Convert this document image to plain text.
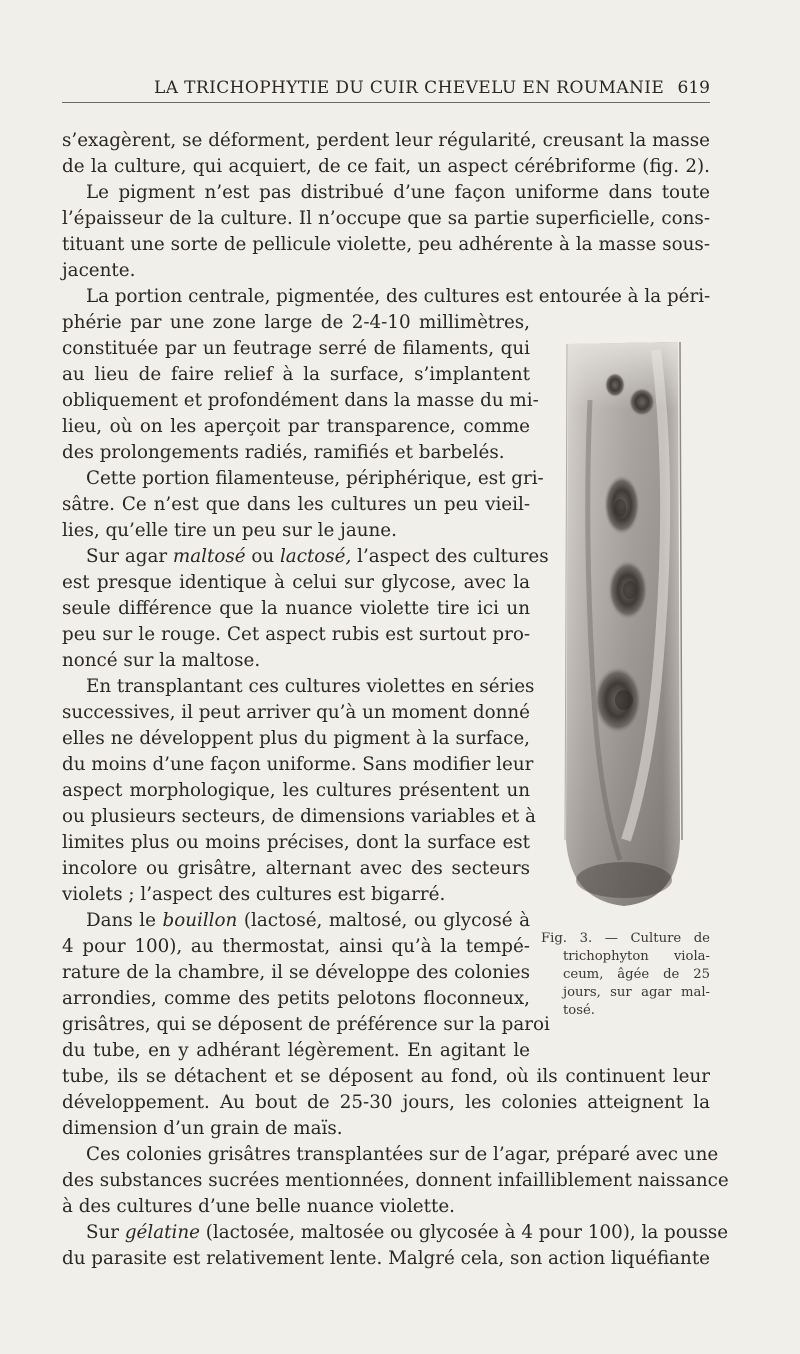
LA TRICHOPHYTIE DU CUIR CHEVELU EN ROUMANIE 619
s’exagèrent, se déforment, perdent leur régularité, creusant la masse
de la culture, qui acquiert, de ce fait, un aspect cérébriforme (fig. 2).
Le pigment n’est pas distribué d’une façon uniforme dans toute
l’épaisseur de la culture. Il n’occupe que sa partie superficielle, cons-
tituant une sorte de pellicule violette, peu adhérente à la masse sous-
jacente.
La portion centrale, pigmentée, des cultures est entourée à la péri-
phérie par une zone large de 2-4-10 millimètres,
constituée par un feutrage serré de filaments, qui
au lieu de faire relief à la surface, s’implantent
obliquement et profondément dans la masse du mi-
lieu, où on les aperçoit par transparence, comme
des prolongements radiés, ramifiés et barbelés.
Cette portion filamenteuse, périphérique, est gri-
sâtre. Ce n’est que dans les cultures un peu vieil-
lies, qu’elle tire un peu sur le jaune.
Sur agar maltosé ou lactosé, l’aspect des cultures
est presque identique à celui sur glycose, avec la
seule différence que la nuance violette tire ici un
peu sur le rouge. Cet aspect rubis est surtout pro-
noncé sur la maltose.
En transplantant ces cultures violettes en séries
successives, il peut arriver qu’à un moment donné
elles ne développent plus du pigment à la surface,
du moins d’une façon uniforme. Sans modifier leur
aspect morphologique, les cultures présentent un
ou plusieurs secteurs, de dimensions variables et à
limites plus ou moins précises, dont la surface est
incolore ou grisâtre, alternant avec des secteurs
violets ; l’aspect des cultures est bigarré.
Dans le bouillon (lactosé, maltosé, ou glycosé à
4 pour 100), au thermostat, ainsi qu’à la tempé-
rature de la chambre, il se développe des colonies
arrondies, comme des petits pelotons floconneux,
grisâtres, qui se déposent de préférence sur la paroi
du tube, en y adhérant légèrement. En agitant le
tube, ils se détachent et se déposent au fond, où ils continuent leur
développement. Au bout de 25-30 jours, les colonies atteignent la
dimension d’un grain de maïs.
Ces colonies grisâtres transplantées sur de l’agar, préparé avec une
des substances sucrées mentionnées, donnent infailliblement naissance
à des cultures d’une belle nuance violette.
Sur gélatine (lactosée, maltosée ou glycosée à 4 pour 100), la pousse
du parasite est relativement lente. Malgré cela, son action liquéfiante
Fig. 3. — Culture de
trichophyton viola-
ceum, âgée de 25
jours, sur agar mal-
tosé.
